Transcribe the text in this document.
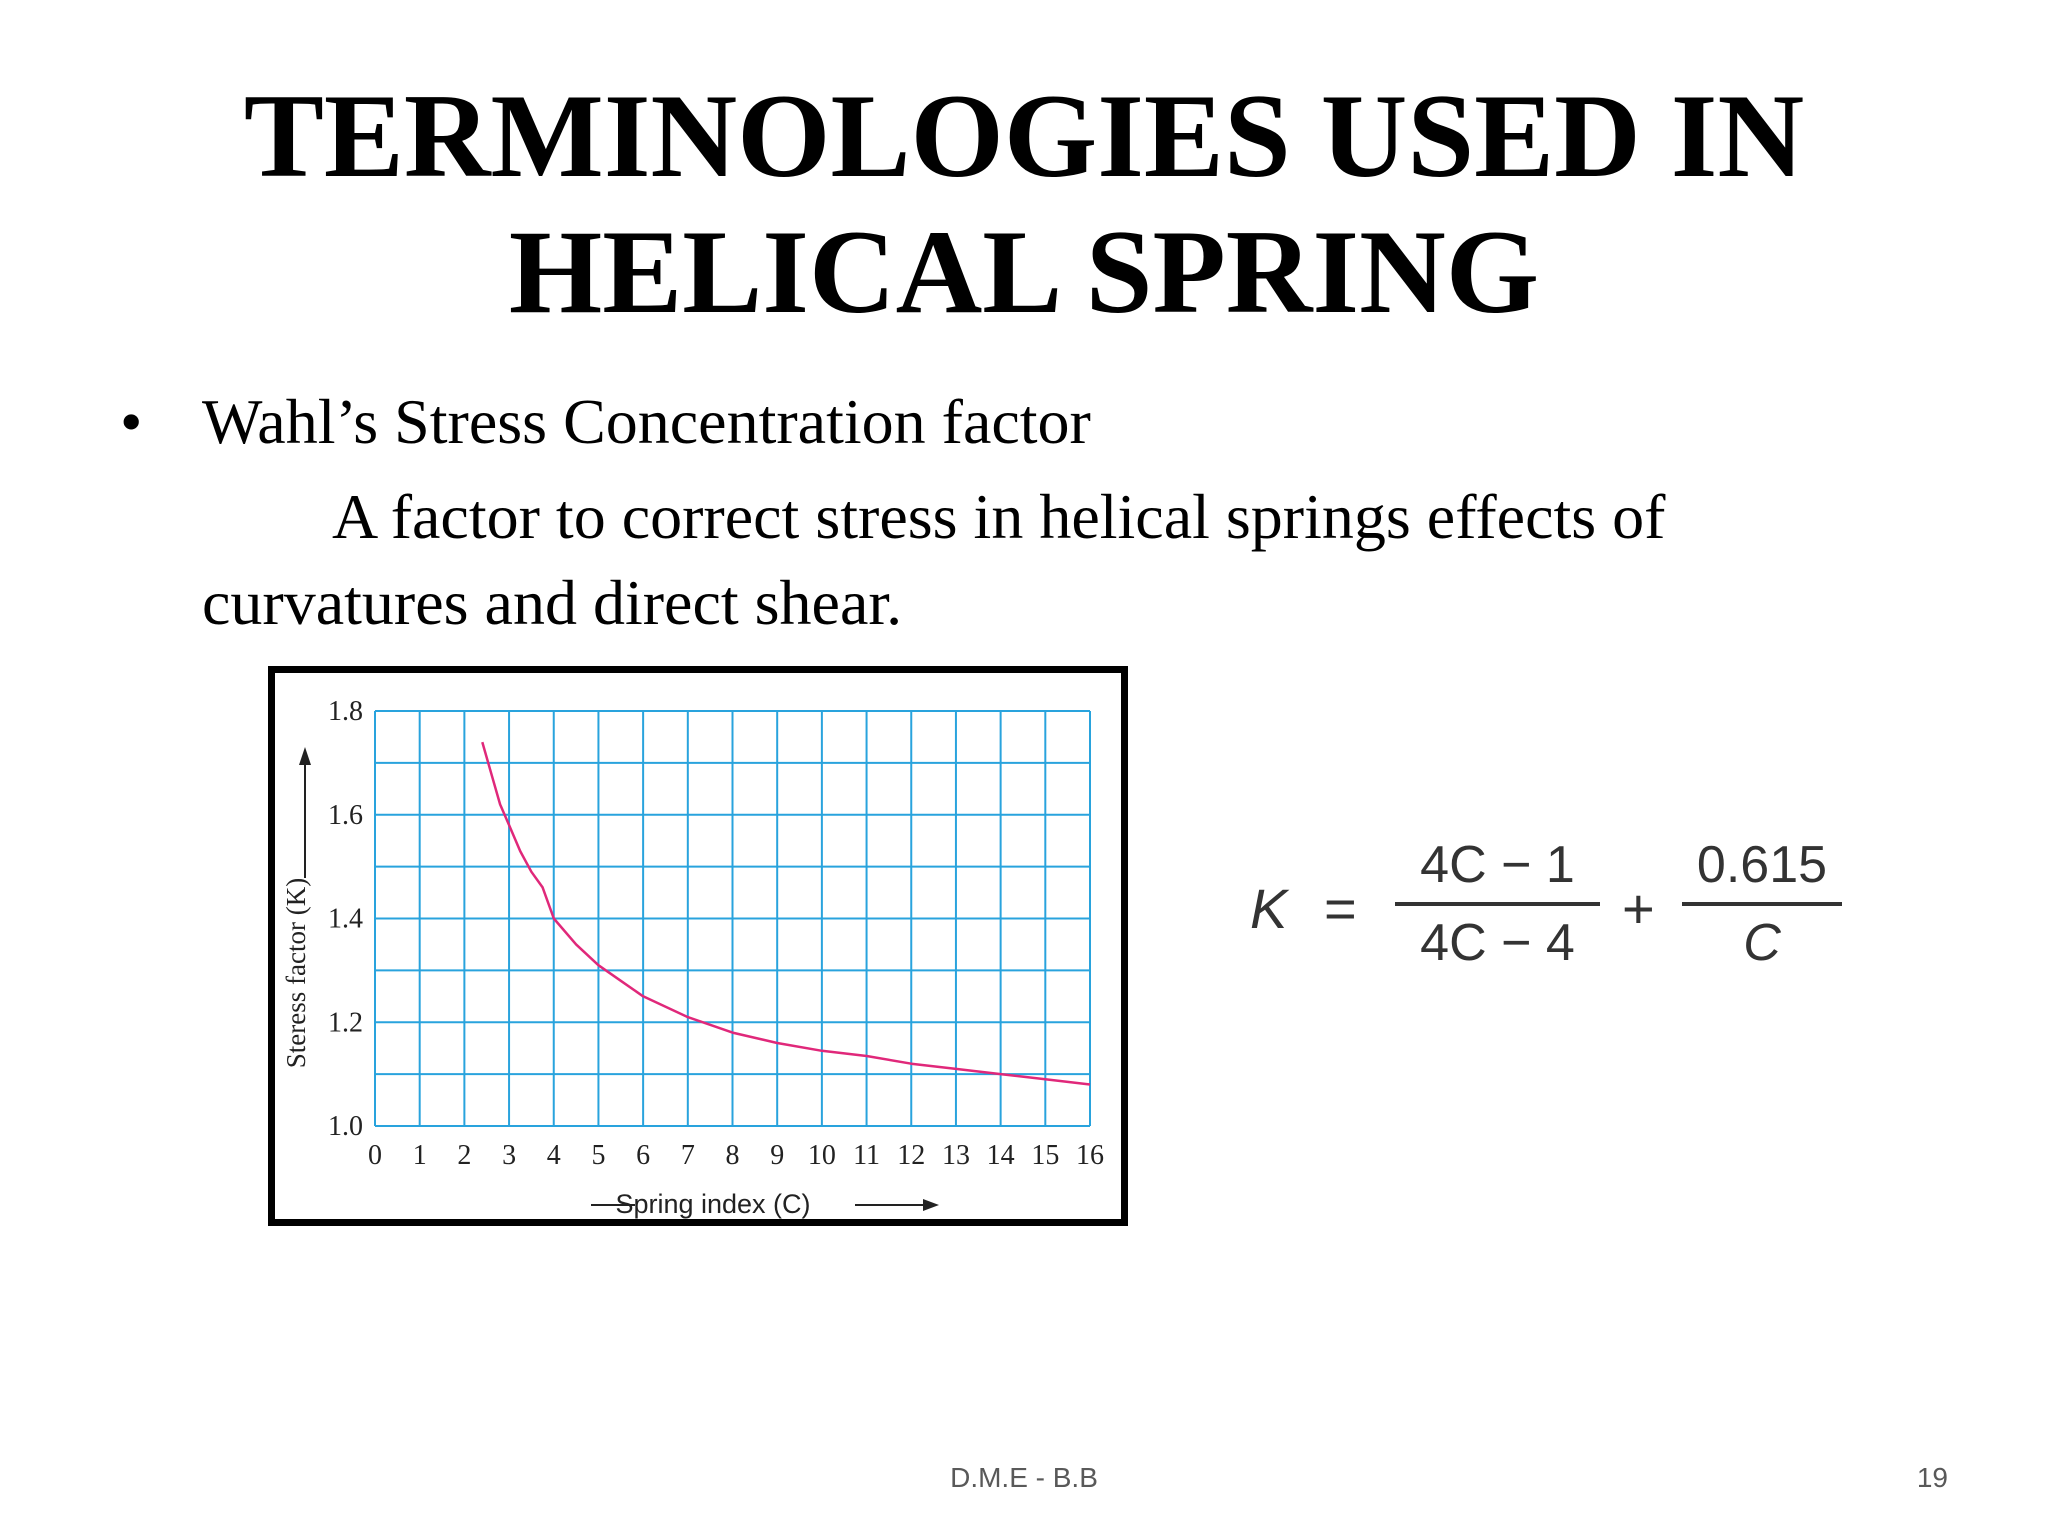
TERMINOLOGIES USED IN
HELICAL SPRING
• Wahl’s Stress Concentration factor
A factor to correct stress in helical springs effects of
curvatures and direct shear.
0 1 2 3 4 5 6 7 8 9 10 11 12 13 14 15 16
1.0
1.2
1.4
1.6
1.8
Spring index (C)
Steress factor (K)	K =
4C − 1
4C − 4
+
0.615
C
D.M.E - B.B	19
